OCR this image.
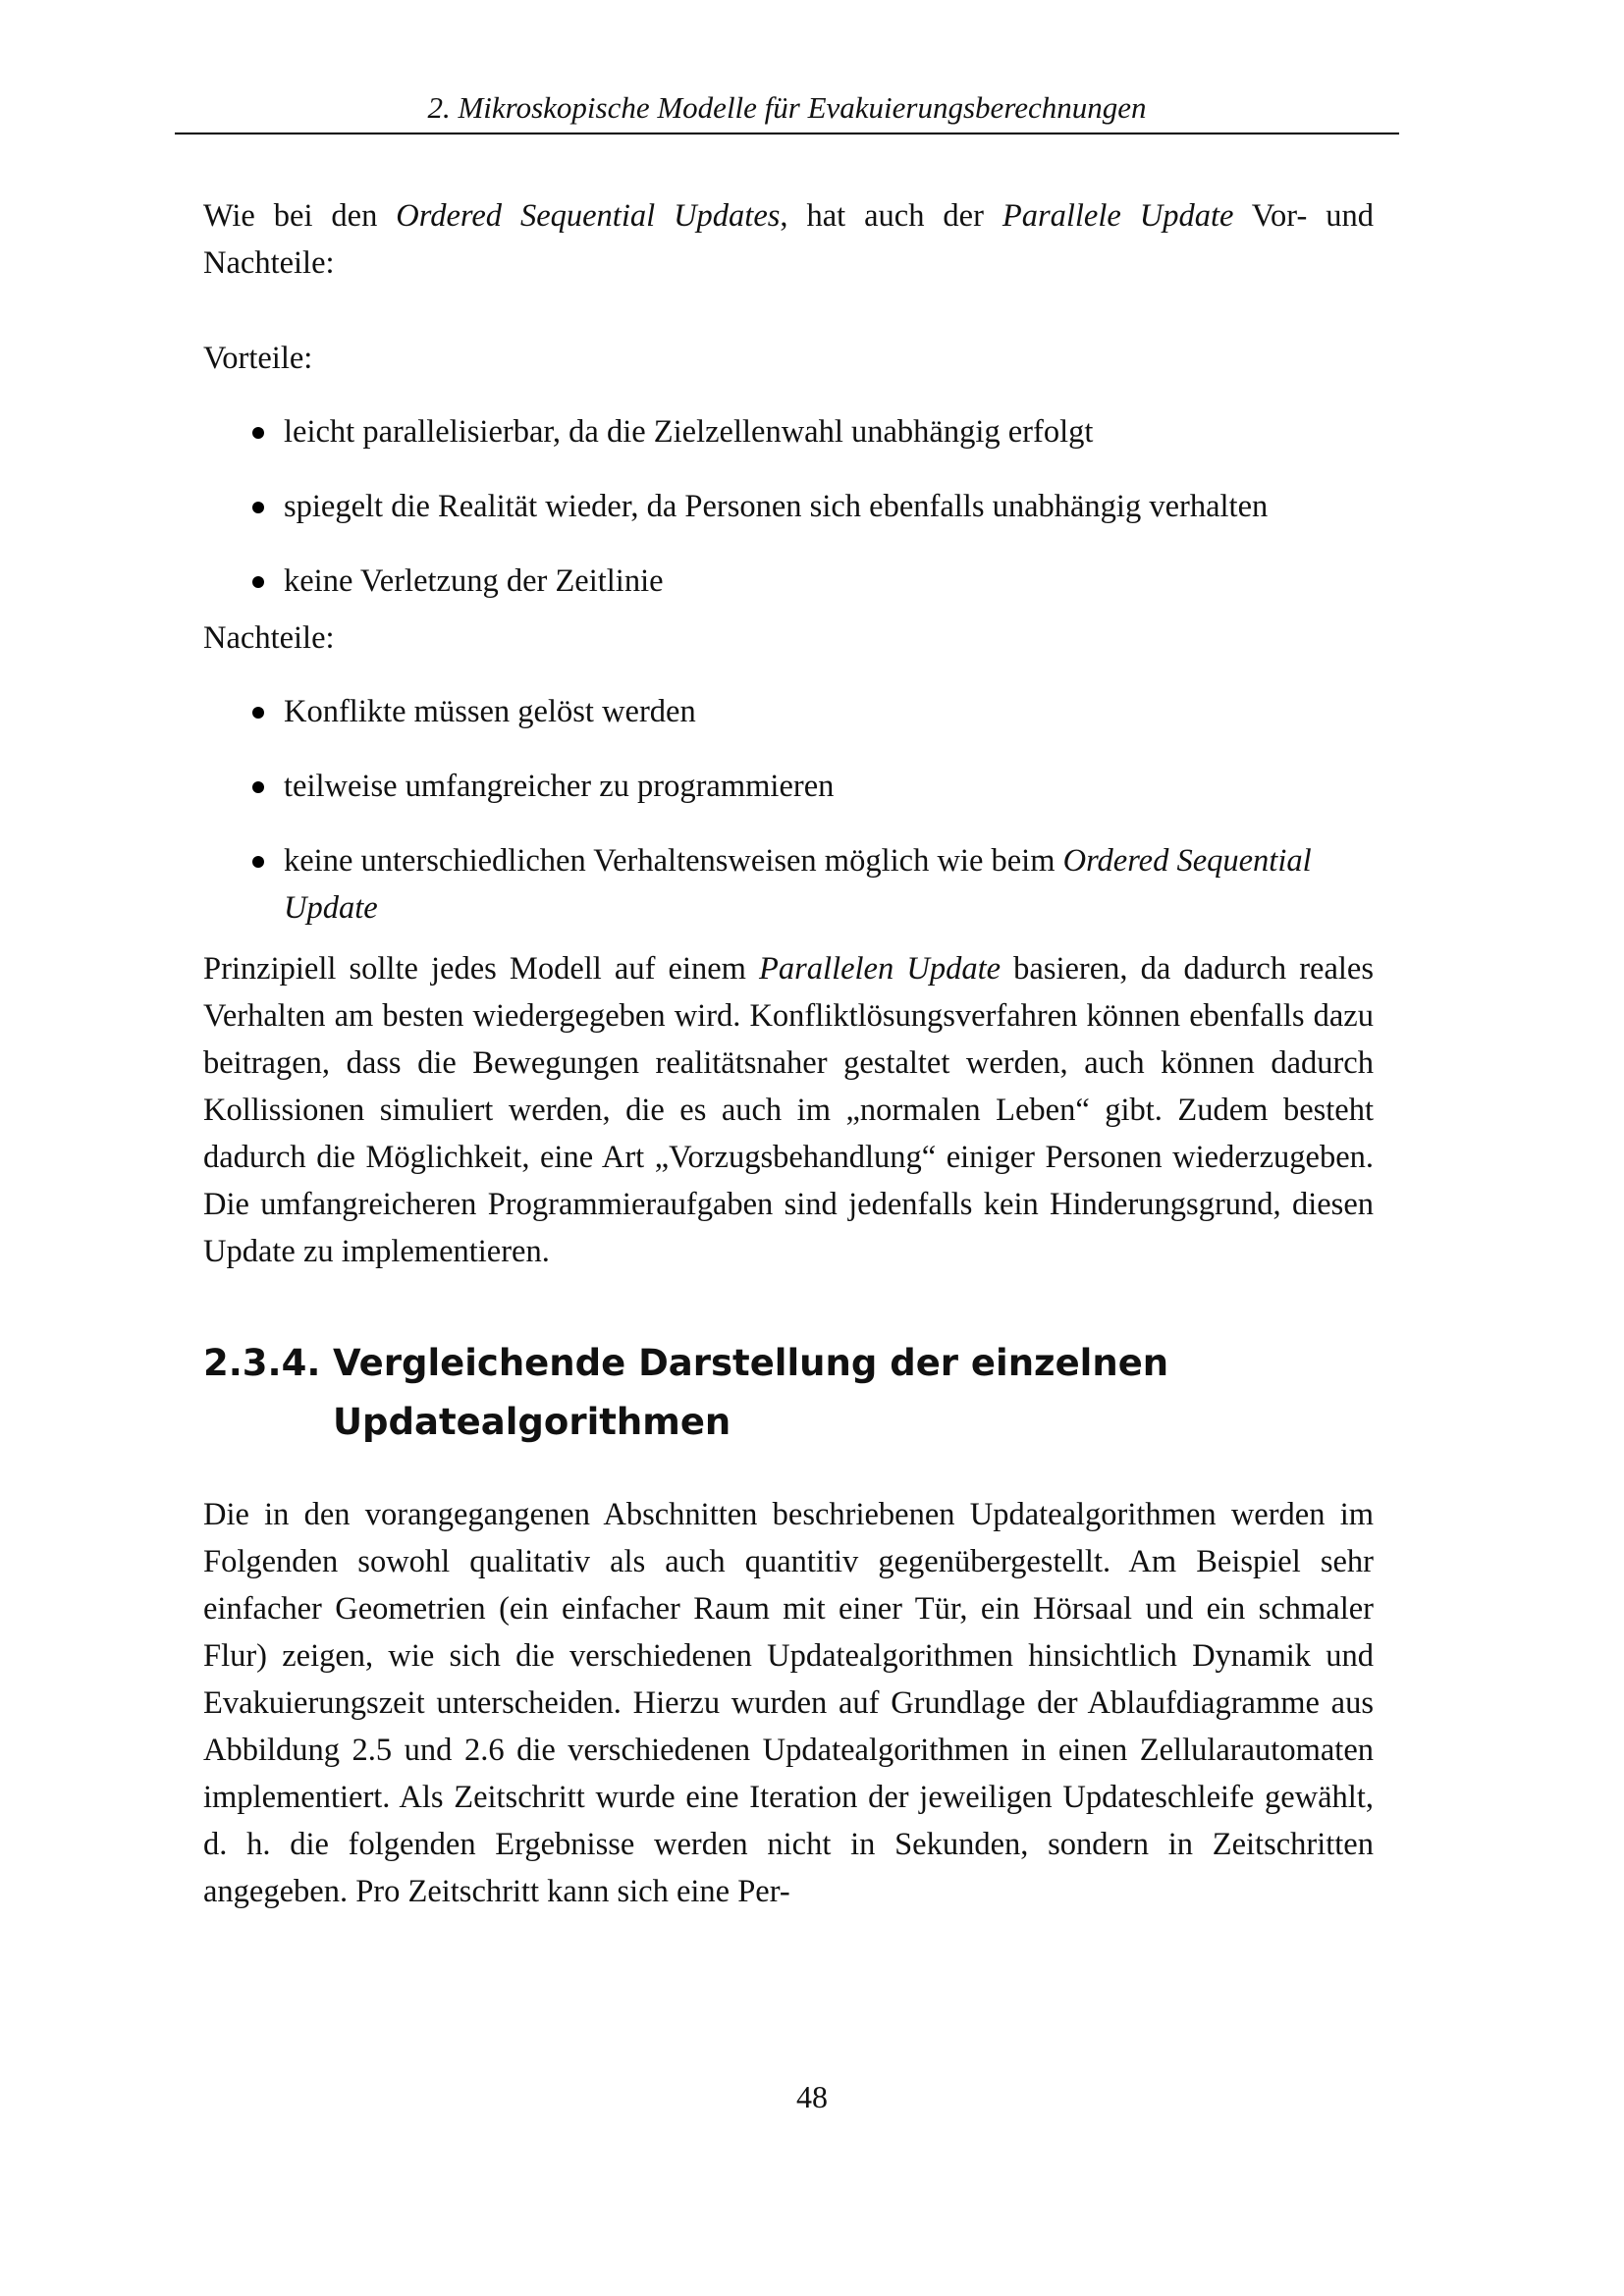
2. Mikroskopische Modelle für Evakuierungsberechnungen

Wie bei den Ordered Sequential Updates, hat auch der Parallele Update Vor- und Nachteile:

Vorteile:

leicht parallelisierbar, da die Zielzellenwahl unabhängig erfolgt
spiegelt die Realität wieder, da Personen sich ebenfalls unabhängig verhalten
keine Verletzung der Zeitlinie

Nachteile:

Konflikte müssen gelöst werden
teilweise umfangreicher zu programmieren
keine unterschiedlichen Verhaltensweisen möglich wie beim Ordered Sequential Update

Prinzipiell sollte jedes Modell auf einem Parallelen Update basieren, da dadurch reales Verhalten am besten wiedergegeben wird. Konfliktlösungsverfahren können ebenfalls dazu beitragen, dass die Bewegungen realitätsnaher gestaltet werden, auch können dadurch Kollissionen simuliert werden, die es auch im „normalen Leben“ gibt. Zudem besteht dadurch die Möglichkeit, eine Art „Vorzugsbehandlung“ einiger Personen wiederzugeben. Die umfangreicheren Programmieraufgaben sind jedenfalls kein Hinderungsgrund, diesen Update zu implementieren.

2.3.4. Vergleichende Darstellung der einzelnen Updatealgorithmen

Die in den vorangegangenen Abschnitten beschriebenen Updatealgorithmen werden im Folgenden sowohl qualitativ als auch quantitiv gegenübergestellt. Am Beispiel sehr einfacher Geometrien (ein einfacher Raum mit einer Tür, ein Hörsaal und ein schmaler Flur) zeigen, wie sich die verschiedenen Updatealgorithmen hinsichtlich Dynamik und Evakuierungszeit unterscheiden. Hierzu wurden auf Grundlage der Ablaufdiagramme aus Abbildung 2.5 und 2.6 die verschiedenen Updatealgorithmen in einen Zellularautomaten implementiert. Als Zeitschritt wurde eine Iteration der jeweiligen Updateschleife gewählt, d. h. die folgenden Ergebnisse werden nicht in Sekunden, sondern in Zeitschritten angegeben. Pro Zeitschritt kann sich eine Per-

48
